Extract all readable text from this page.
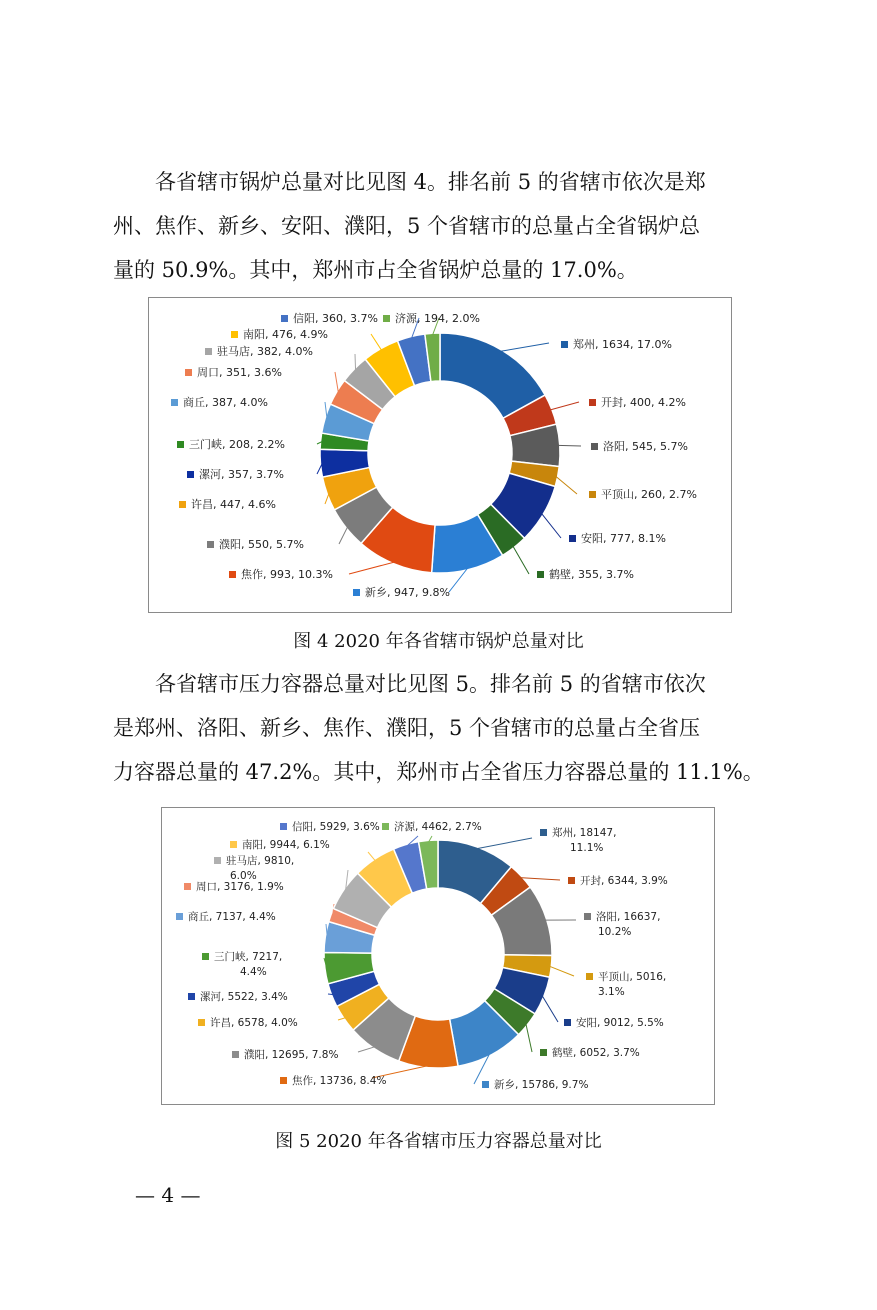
各省辖市锅炉总量对比见图 4。排名前 5 的省辖市依次是郑
州、焦作、新乡、安阳、濮阳，5 个省辖市的总量占全省锅炉总
量的 50.9%。其中，郑州市占全省锅炉总量的 17.0%。

郑州, 1634, 17.0%
开封, 400, 4.2%
洛阳, 545, 5.7%
平顶山, 260, 2.7%
安阳, 777, 8.1%
鹤壁, 355, 3.7%
新乡, 947, 9.8%
焦作, 993, 10.3%
濮阳, 550, 5.7%
许昌, 447, 4.6%
漯河, 357, 3.7%
三门峡, 208, 2.2%
商丘, 387, 4.0%
周口, 351, 3.6%
驻马店, 382, 4.0%
南阳, 476, 4.9%
信阳, 360, 3.7% 济源, 194, 2.0%
图 4 2020 年各省辖市锅炉总量对比

各省辖市压力容器总量对比见图 5。排名前 5 的省辖市依次
是郑州、洛阳、新乡、焦作、濮阳，5 个省辖市的总量占全省压
力容器总量的 47.2%。其中，郑州市占全省压力容器总量的 11.1%。

郑州, 18147,
11.1%
开封, 6344, 3.9%
洛阳, 16637,
10.2%
平顶山, 5016,
3.1%
安阳, 9012, 5.5%
鹤壁, 6052, 3.7%
新乡, 15786, 9.7%
焦作, 13736, 8.4%
濮阳, 12695, 7.8%
许昌, 6578, 4.0%
漯河, 5522, 3.4%
三门峡, 7217,
4.4%
商丘, 7137, 4.4%
周口, 3176, 1.9%
驻马店, 9810,
6.0%
南阳, 9944, 6.1%
信阳, 5929, 3.6% 济源, 4462, 2.7%
图 5 2020 年各省辖市压力容器总量对比
— 4 —
